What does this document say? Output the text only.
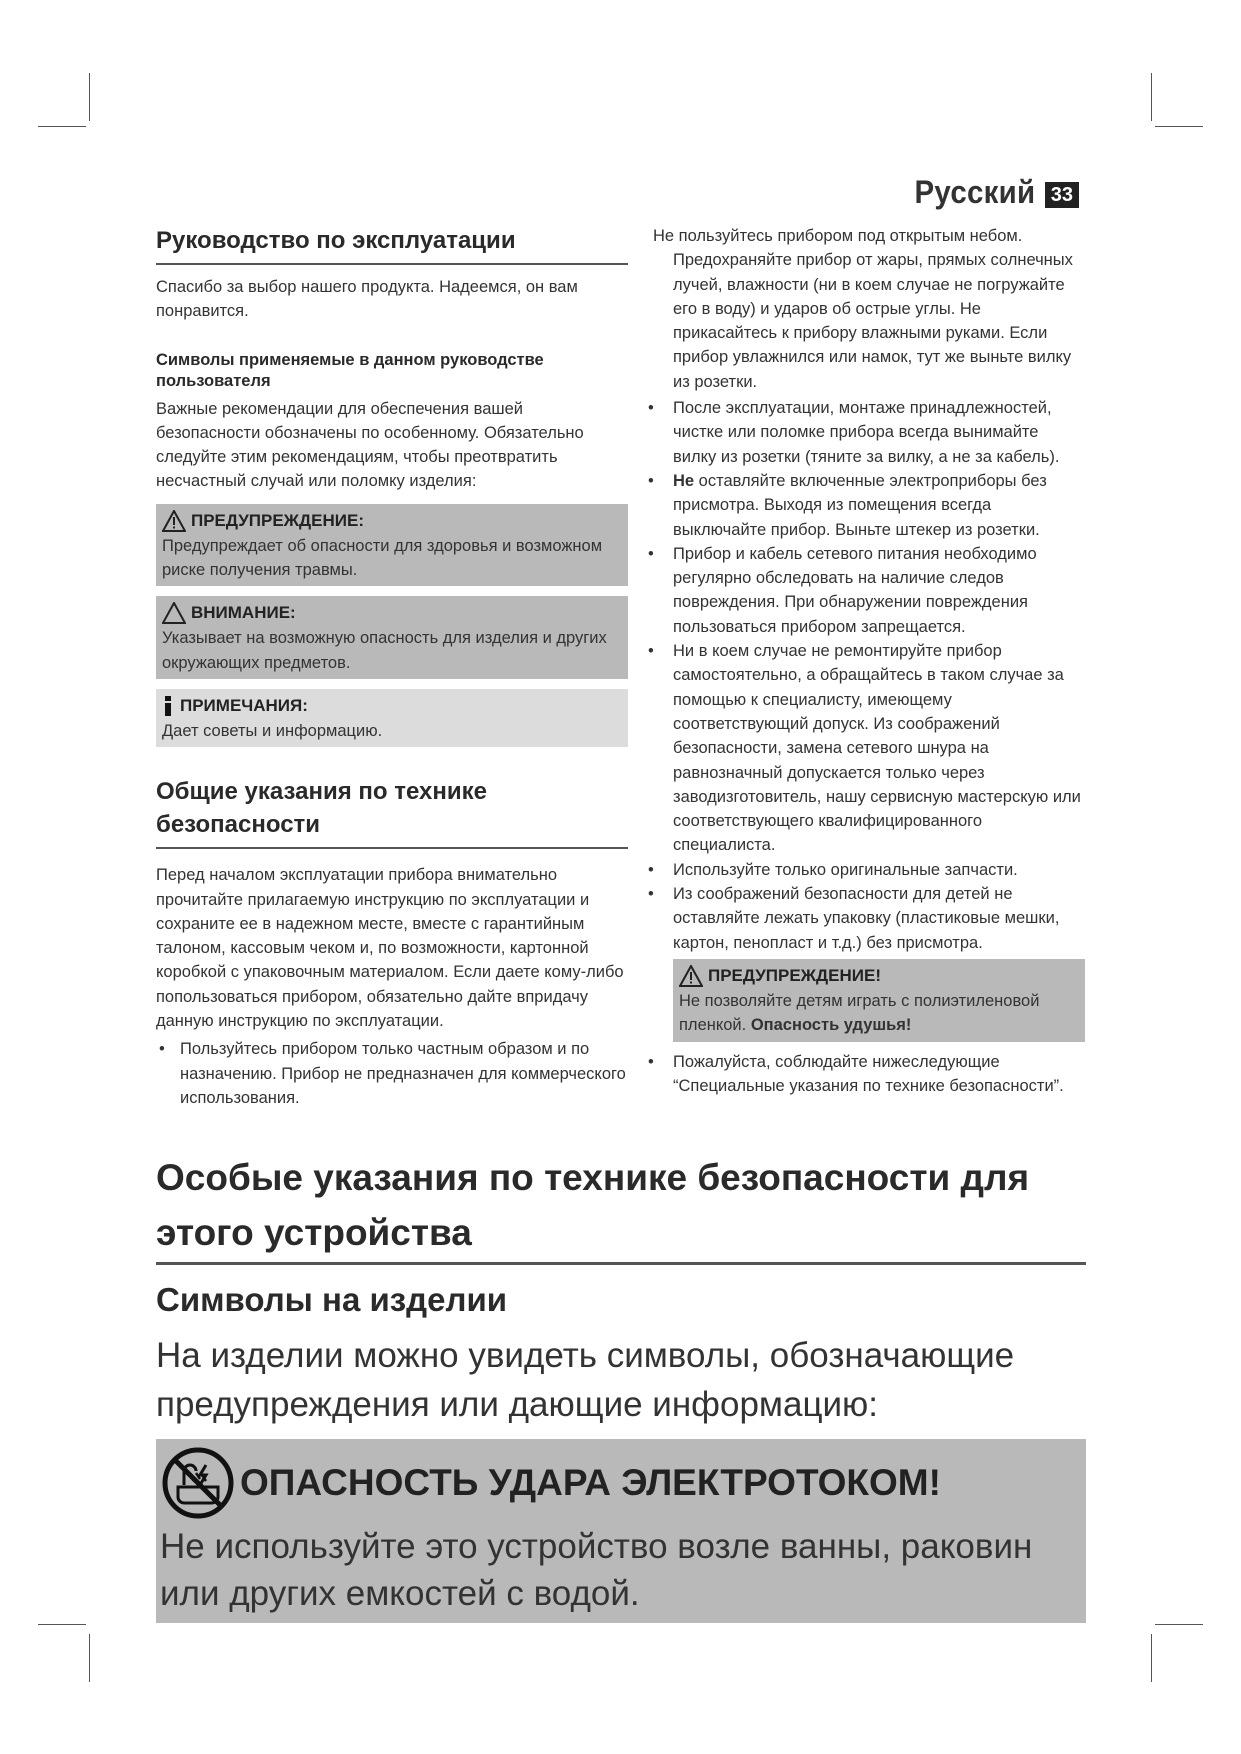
Русский 33
Руководство по эксплуатации

Спасибо за выбор нашего продукта. Надеемся, он вам понравится.

Символы применяемые в данном руководстве пользователя

Важные рекомендации для обеспечения вашей безопасности обозначены по особенному. Обязательно следуйте этим рекомендациям, чтобы преотвратить несчастный случай или поломку изделия:

ПРЕДУПРЕЖДЕНИЕ:
Предупреждает об опасности для здоровья и возможном риске получения травмы.
ВНИМАНИЕ:
Указывает на возможную опасность для изделия и других окружающих предметов.
ПРИМЕЧАНИЯ:
Дает советы и информацию.
Общие указания по технике безопасности

Перед началом эксплуатации прибора внимательно прочитайте прилагаемую инструкцию по эксплуатации и сохраните ее в надежном месте, вместе с гарантийным талоном, кассовым чеком и, по возможности, картонной коробкой с упаковочным материалом. Если даете кому-либо попользоваться прибором, обязательно дайте впридачу данную инструкцию по эксплуатации.

• Пользуйтесь прибором только частным образом и по назначению. Прибор не предназначен для коммерческого использования.

Не пользуйтесь прибором под открытым небом. Предохраняйте прибор от жары, прямых солнечных лучей, влажности (ни в коем случае не погружайте его в воду) и ударов об острые углы. Не прикасайтесь к прибору влажными руками. Если прибор увлажнился или намок, тут же выньте вилку из розетки.

• После эксплуатации, монтаже принадлежностей, чистке или поломке прибора всегда вынимайте вилку из розетки (тяните за вилку, а не за кабель).
• Не оставляйте включенные электроприборы без присмотра. Выходя из помещения всегда выключайте прибор. Выньте штекер из розетки.
• Прибор и кабель сетевого питания необходимо регулярно обследовать на наличие следов повреждения. При обнаружении повреждения пользоваться прибором запрещается.
• Ни в коем случае не ремонтируйте прибор самостоятельно, а обращайтесь в таком случае за помощью к специалисту, имеющему соответствующий допуск. Из соображений безопасности, замена сетевого шнура на равнозначный допускается только через заводизготовитель, нашу сервисную мастерскую или соответствующего квалифицированного специалиста.
• Используйте только оригинальные запчасти.
• Из соображений безопасности для детей не оставляйте лежать упаковку (пластиковые мешки, картон, пенопласт и т.д.) без присмотра.
ПРЕДУПРЕЖДЕНИЕ!
Не позволяйте детям играть с полиэтиленовой пленкой. Опасность удушья!
• Пожалуйста, соблюдайте нижеследующие “Специальные указания по технике безопасности”.
Особые указания по технике безопасности для этого устройства
Символы на изделии

На изделии можно увидеть символы, обозначающие предупреждения или дающие информацию:

ОПАСНОСТЬ УДАРА ЭЛЕКТРОТОКОМ!
Не используйте это устройство возле ванны, раковин или других емкостей с водой.
